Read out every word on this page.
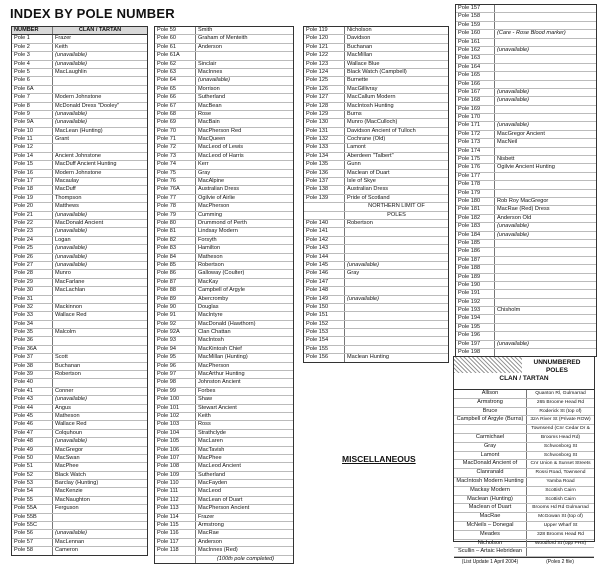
INDEX BY POLE NUMBER
NUMBER	CLAN / TARTAN
Pole 1	Frazer
Pole 2	Keith
Pole 3	(unavailable)
Pole 4	(unavailable)
Pole 5	MacLaughlin
Pole 6
Pole 6A
Pole 7	Modern Johnstone
Pole 8	McDonald Dress "Dooley"
Pole 9	(unavailable)
Pole 9A	(unavailable)
Pole 10	MacLean (Hunting)
Pole 11	Grant
Pole 12
Pole 14	Ancient Johnstone
Pole 15	MacDuff Ancient Hunting
Pole 16	Modern Johnstone
Pole 17	Macaulay
Pole 18	MacDuff
Pole 19	Thompson
Pole 20	Matthews
Pole 21	(unavailable)
Pole 22	MacDonald Ancient
Pole 23	(unavailable)
Pole 24	Logan
Pole 25	(unavailable)
Pole 26	(unavailable)
Pole 27	(unavailable)
Pole 28	Munro
Pole 29	MacFarlane
Pole 30	MacLachlan
Pole 31
Pole 32	Mackinnon
Pole 33	Wallace Red
Pole 34
Pole 35	Malcolm
Pole 36
Pole 36A
Pole 37	Scott
Pole 38	Buchanan
Pole 39	Robertson
Pole 40
Pole 41	Conner
Pole 43	(unavailable)
Pole 44	Angus
Pole 45	Matheson
Pole 46	Wallace Red
Pole 47	Colquhoun
Pole 48	(unavailable)
Pole 49	MacGregor
Pole 50	MacSwan
Pole 51	MacPhee
Pole 52	Black Watch
Pole 53	Barclay (Hunting)
Pole 54	MacKenzie
Pole 55	MacNaughton
Pole 55A	Ferguson
Pole 55B
Pole 55C
Pole 56	(unavailable)
Pole 57	MacLennan
Pole 58	Cameron
Pole 59	Smith
Pole 60	Graham of Menteith
Pole 61	Anderson
Pole 61A
Pole 62	Sinclair
Pole 63	MacInnes
Pole 64	(unavailable)
Pole 65	Morrison
Pole 66	Sutherland
Pole 67	MacBean
Pole 68	Rose
Pole 69	MacBain
Pole 70	MacPherson Red
Pole 71	MacQueen
Pole 72	MacLeod of Lewis
Pole 73	MacLeod of Harris
Pole 74	Kerr
Pole 75	Gray
Pole 76	MacAlpine
Pole 76A	Australian Dress
Pole 77	Ogilvie of Airlie
Pole 78	MacPherson
Pole 79	Cumming
Pole 80	Drummond of Perth
Pole 81	Lindsay Modern
Pole 82	Forsyth
Pole 83	Hamilton
Pole 84	Matheson
Pole 85	Robertson
Pole 86	Galloway (Coulter)
Pole 87	MacKay
Pole 88	Campbell of Argyle
Pole 89	Abercromby
Pole 90	Douglas
Pole 91	MacIntyre
Pole 92	MacDonald (Hawthorn)
Pole 92A	Clan Chattan
Pole 93	MacIntosh
Pole 94	MacKintosh Chief
Pole 95	MacMillan (Hunting)
Pole 96	MacPherson
Pole 97	MacArthur Hunting
Pole 98	Johnston Ancient
Pole 99	Forbes
Pole 100	Shaw
Pole 101	Stewart Ancient
Pole 102	Keith
Pole 103	Ross
Pole 104	Strathclyde
Pole 105	MacLaren
Pole 106	MacTavish
Pole 107	MacPhee
Pole 108	MacLeod Ancient
Pole 109	Sutherland
Pole 110	MacFayden
Pole 111	MacLeod
Pole 112	MacLean of Duart
Pole 113	MacPherson Ancient
Pole 114	Frazer
Pole 115	Armstrong
Pole 116	MacRae
Pole 117	Anderson
Pole 118	MacInnes (Red)
(100th pole completed)
Pole 119	Nicholson
Pole 120	Davidson
Pole 121	Buchanan
Pole 122	MacMillan
Pole 123	Wallace Blue
Pole 124	Black Watch (Campbell)
Pole 125	Burnette
Pole 126	MacGillivray
Pole 127	MacCallum Modern
Pole 128	MacIntosh Hunting
Pole 129	Burns
Pole 130	Munro (MacCulloch)
Pole 131	Davidson Ancient of Tulloch
Pole 132	Cochrane (Old)
Pole 133	Lamont
Pole 134	Aberdeen "Talbert"
Pole 135	Gunn
Pole 136	Maclean of Duart
Pole 137	Isle of Skye
Pole 138	Australian Dress
Pole 139	Pride of Scotland
NORTHERN LIMIT OF
POLES
Pole 140	Robertson
Pole 141
Pole 142
Pole 143
Pole 144
Pole 145	(unavailable)
Pole 146	Gray
Pole 147
Pole 148
Pole 149	(unavailable)
Pole 150
Pole 151
Pole 152
Pole 153
Pole 154
Pole 155
Pole 156	Maclean Hunting
Pole 157
Pole 158
Pole 159
Pole 160	(Care - Rose Blood marker)
Pole 161
Pole 162	(unavailable)
Pole 163
Pole 164
Pole 165
Pole 166
Pole 167	(unavailable)
Pole 168	(unavailable)
Pole 169
Pole 170
Pole 171	(unavailable)
Pole 172	MacGregor Ancient
Pole 173	MacNeil
Pole 174
Pole 175	Nisbett
Pole 176	Ogilvie Ancient Hunting
Pole 177
Pole 178
Pole 179
Pole 180	Rob Roy MacGregor
Pole 181	MacRae (Red) Dress
Pole 182	Anderson Old
Pole 183	(unavailable)
Pole 184	(unavailable)
Pole 185
Pole 186
Pole 187
Pole 188
Pole 189
Pole 190
Pole 191
Pole 192
Pole 193	Chisholm
Pole 194
Pole 195
Pole 196
Pole 197	(unavailable)
Pole 198
MISCELLANEOUS
UNNUMBERED POLES
CLAN / TARTAN
Allison	Quanton Rl, Gulmarrad
Armstrong	265 Broome Head Rd
Bruce	Roderick St (top of)
Campbell of Argyle (Burns)	32A River St (Private ROW)
Townsend (Cnr Cedar Dr &
Carmichael	Brooms Head Rd)
Gray	Schwonborg St
Lamont	Schwonborg St
MacDonald Ancient of	Cnr Union & Sunset Streets
Clanranald	Rossi Road, Townsend
MacIntosh Modern Hunting	Yamba Road
Mackay Modern	Scottish Cairn
Maclean (Hunting)	Scottish Cairn
Maclean of Duart	Brooms Hd Rd Gulmarrad
MacRae	McGowan St (top of)
McNeils – Donegal	Upper Wharf St
Meades	328 Brooms Head Rd
Nicholson	Woodford St (opp PHS)
Scullin – Artaic Hebridean
(List Update 1 April 2004)	(Poles 2 file)
